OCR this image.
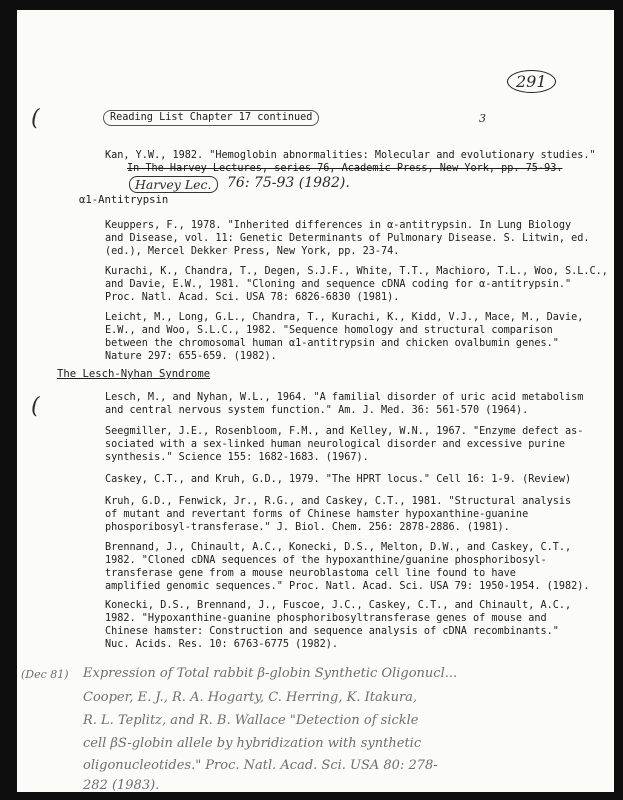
291
(
(
Reading List Chapter 17 continued	3
Kan, Y.W., 1982. "Hemoglobin abnormalities: Molecular and evolutionary studies."
In The Harvey Lectures, series 76, Academic Press, New York, pp. 75-93.
Harvey Lec.	76: 75-93 (1982).
α1-Antitrypsin
Keuppers, F., 1978. "Inherited differences in α-antitrypsin. In Lung Biology
and Disease, vol. 11: Genetic Determinants of Pulmonary Disease. S. Litwin, ed.
(ed.), Mercel Dekker Press, New York, pp. 23-74.
Kurachi, K., Chandra, T., Degen, S.J.F., White, T.T., Machioro, T.L., Woo, S.L.C.,
and Davie, E.W., 1981. "Cloning and sequence cDNA coding for α-antitrypsin."
Proc. Natl. Acad. Sci. USA 78: 6826-6830 (1981).
Leicht, M., Long, G.L., Chandra, T., Kurachi, K., Kidd, V.J., Mace, M., Davie,
E.W., and Woo, S.L.C., 1982. "Sequence homology and structural comparison
between the chromosomal human α1-antitrypsin and chicken ovalbumin genes."
Nature 297: 655-659. (1982).
The Lesch-Nyhan Syndrome
Lesch, M., and Nyhan, W.L., 1964. "A familial disorder of uric acid metabolism
and central nervous system function." Am. J. Med. 36: 561-570 (1964).
Seegmiller, J.E., Rosenbloom, F.M., and Kelley, W.N., 1967. "Enzyme defect as-
sociated with a sex-linked human neurological disorder and excessive purine
synthesis." Science 155: 1682-1683. (1967).
Caskey, C.T., and Kruh, G.D., 1979. "The HPRT locus." Cell 16: 1-9. (Review)
Kruh, G.D., Fenwick, Jr., R.G., and Caskey, C.T., 1981. "Structural analysis
of mutant and revertant forms of Chinese hamster hypoxanthine-guanine
phosporibosyl-transferase." J. Biol. Chem. 256: 2878-2886. (1981).
Brennand, J., Chinault, A.C., Konecki, D.S., Melton, D.W., and Caskey, C.T.,
1982. "Cloned cDNA sequences of the hypoxanthine/guanine phosphoribosyl-
transferase gene from a mouse neuroblastoma cell line found to have
amplified genomic sequences." Proc. Natl. Acad. Sci. USA 79: 1950-1954. (1982).
Konecki, D.S., Brennand, J., Fuscoe, J.C., Caskey, C.T., and Chinault, A.C.,
1982. "Hypoxanthine-guanine phosphoribosyltransferase genes of mouse and
Chinese hamster: Construction and sequence analysis of cDNA recombinants."
Nuc. Acids. Res. 10: 6763-6775 (1982).
(Dec 81) Expression of Total rabbit β-globin Synthetic Oligonucl...
Cooper, E. J., R. A. Hogarty, C. Herring, K. Itakura,
R. L. Teplitz, and R. B. Wallace "Detection of sickle
cell βS-globin allele by hybridization with synthetic
oligonucleotides." Proc. Natl. Acad. Sci. USA 80: 278-
282 (1983).
